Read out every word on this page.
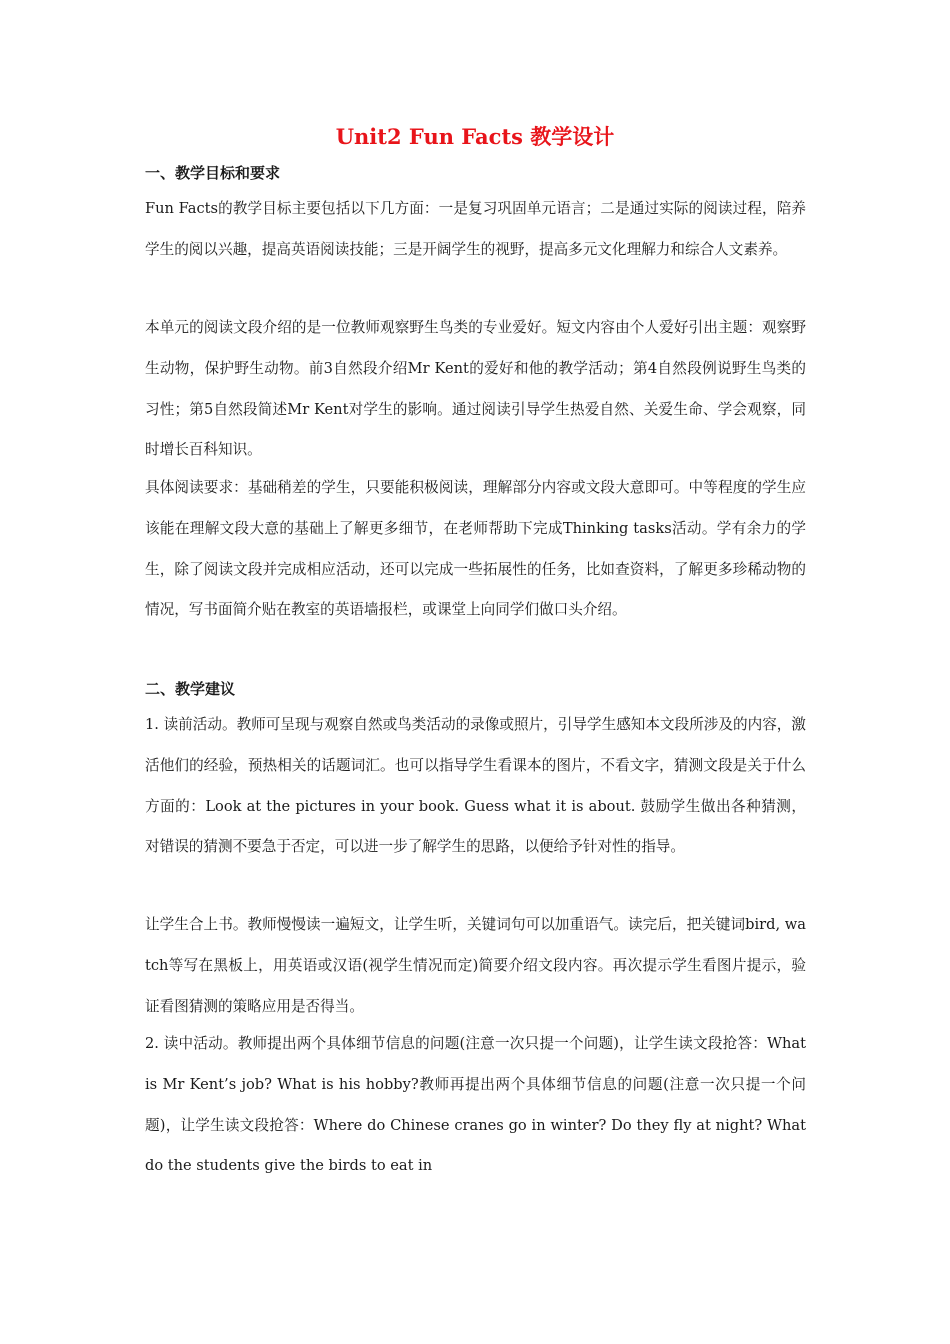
Unit2 Fun Facts 教学设计
一、教学目标和要求
Fun Facts的教学目标主要包括以下几方面：一是复习巩固单元语言；二是通过实际的阅读过程，陪养学生的阅以兴趣，提高英语阅读技能；三是开阔学生的视野，提高多元文化理解力和综合人文素养。
本单元的阅读文段介绍的是一位教师观察野生鸟类的专业爱好。短文内容由个人爱好引出主题：观察野生动物，保护野生动物。前3自然段介绍Mr Kent的爱好和他的教学活动；第4自然段例说野生鸟类的习性；第5自然段简述Mr Kent对学生的影响。通过阅读引导学生热爱自然、关爱生命、学会观察，同时增长百科知识。
具体阅读要求：基础稍差的学生，只要能积极阅读，理解部分内容或文段大意即可。中等程度的学生应该能在理解文段大意的基础上了解更多细节，在老师帮助下完成Thinking tasks活动。学有余力的学生，除了阅读文段并完成相应活动，还可以完成一些拓展性的任务，比如查资料，了解更多珍稀动物的情况，写书面简介贴在教室的英语墙报栏，或课堂上向同学们做口头介绍。
二、教学建议
1. 读前活动。教师可呈现与观察自然或鸟类活动的录像或照片，引导学生感知本文段所涉及的内容，激活他们的经验，预热相关的话题词汇。也可以指导学生看课本的图片，不看文字，猜测文段是关于什么方面的：Look at the pictures in your book. Guess what it is about. 鼓励学生做出各种猜测，对错误的猜测不要急于否定，可以进一步了解学生的思路，以便给予针对性的指导。
让学生合上书。教师慢慢读一遍短文，让学生听，关键词句可以加重语气。读完后，把关键词bird, watch等写在黑板上，用英语或汉语(视学生情况而定)简要介绍文段内容。再次提示学生看图片提示，验证看图猜测的策略应用是否得当。
2. 读中活动。教师提出两个具体细节信息的问题(注意一次只提一个问题)，让学生读文段抢答：What is Mr Kent’s job? What is his hobby?教师再提出两个具体细节信息的问题(注意一次只提一个问题)，让学生读文段抢答：Where do Chinese cranes go in winter? Do they fly at night? What do the students give the birds to eat in
